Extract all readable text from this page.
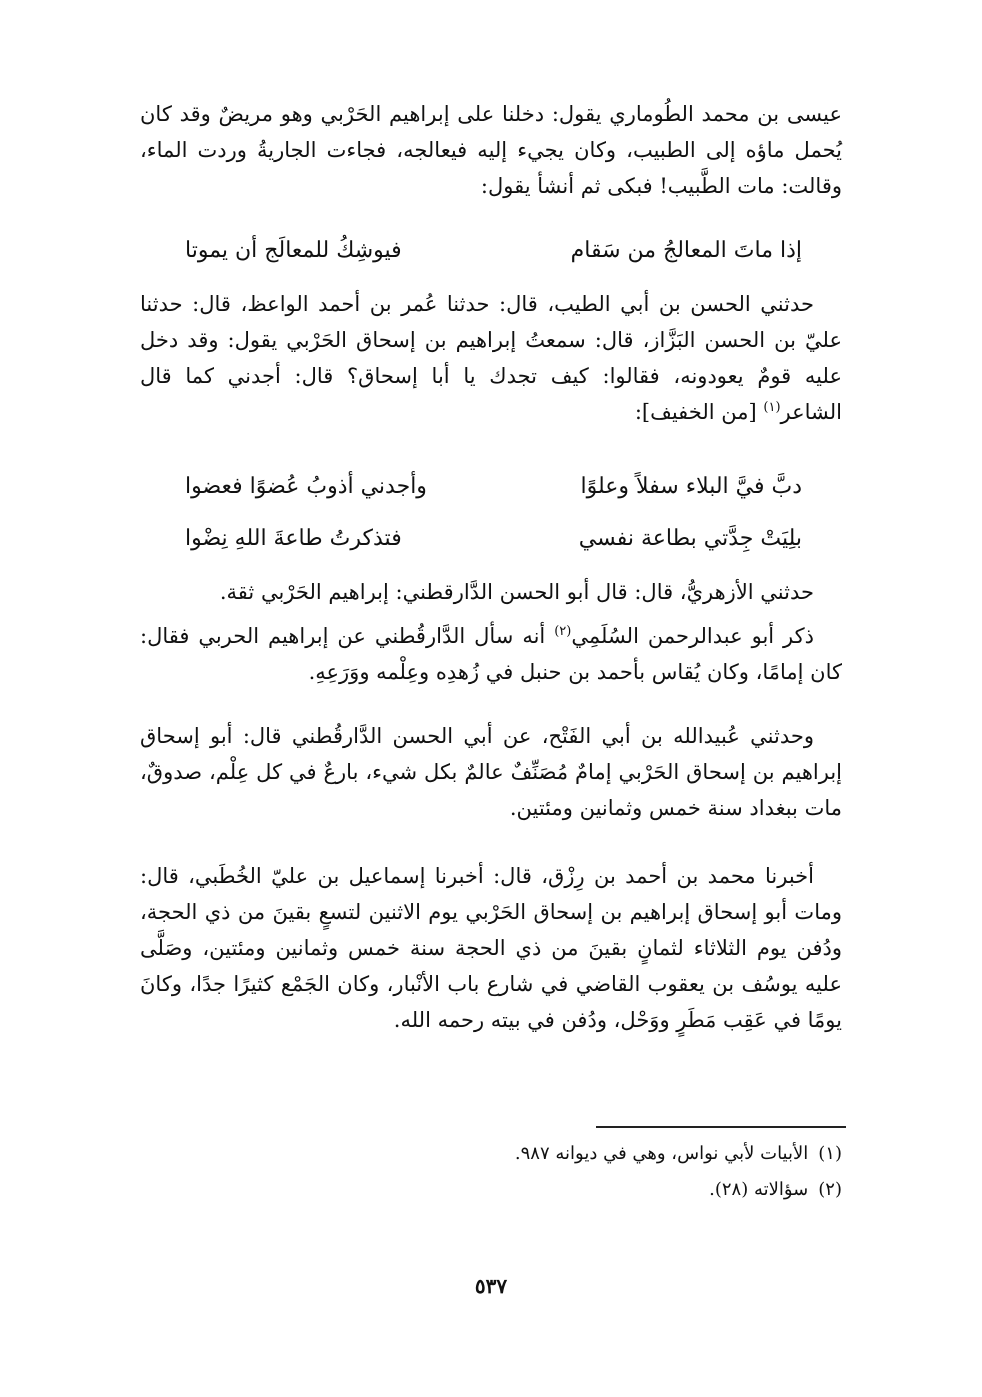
عيسى بن محمد الطُوماري يقول: دخلنا على إبراهيم الحَرْبي وهو مريضٌ وقد كان يُحمل ماؤه إلى الطبيب، وكان يجيء إليه فيعالجه، فجاءت الجاريةُ وردت الماء، وقالت: مات الطَّبيب! فبكى ثم أنشأ يقول:

إذا ماتَ المعالجُ من سَقام
فيوشِكُ للمعالَج أن يموتا

حدثني الحسن بن أبي الطيب، قال: حدثنا عُمر بن أحمد الواعظ، قال: حدثنا عليّ بن الحسن البَزَّاز، قال: سمعتُ إبراهيم بن إسحاق الحَرْبي يقول: وقد دخل عليه قومٌ يعودونه، فقالوا: كيف تجدك يا أبا إسحاق؟ قال: أجدني كما قال الشاعر$^{(١)}$ [من الخفيف]:

دبَّ فيَّ البلاء سفلاً وعلوًا
وأجدني أذوبُ عُضوًا فعضوا
بلِيَتْ جِدَّتي بطاعة نفسي
فتذكرتُ طاعةَ اللهِ نِضْوا

حدثني الأزهريُّ، قال: قال أبو الحسن الدَّارقطني: إبراهيم الحَرْبي ثقة.

ذكر أبو عبدالرحمن السُلَمِي$^{(٢)}$ أنه سأل الدَّارقُطني عن إبراهيم الحربي فقال: كان إمامًا، وكان يُقاس بأحمد بن حنبل في زُهدِه وعِلْمه ووَرَعِهِ.

وحدثني عُبيدالله بن أبي الفَتْح، عن أبي الحسن الدَّارقُطني قال: أبو إسحاق إبراهيم بن إسحاق الحَرْبي إمامٌ مُصَنِّفٌ عالمٌ بكل شيء، بارعٌ في كل عِلْم، صدوقٌ، مات ببغداد سنة خمس وثمانين ومئتين.

أخبرنا محمد بن أحمد بن رِزْق، قال: أخبرنا إسماعيل بن عليّ الخُطَبي، قال: ومات أبو إسحاق إبراهيم بن إسحاق الحَرْبي يوم الاثنين لتسعٍ بقينَ من ذي الحجة، ودُفن يوم الثلاثاء لثمانٍ بقينَ من ذي الحجة سنة خمس وثمانين ومئتين، وصَلَّى عليه يوسُف بن يعقوب القاضي في شارع باب الأنْبار، وكان الجَمْع كثيرًا جدًا، وكانَ يومًا في عَقِب مَطَرٍ ووَحْل، ودُفن في بيته رحمه الله.

(١)الأبيات لأبي نواس، وهي في ديوانه ٩٨٧.

(٢)سؤالاته (٢٨).

٥٣٧
